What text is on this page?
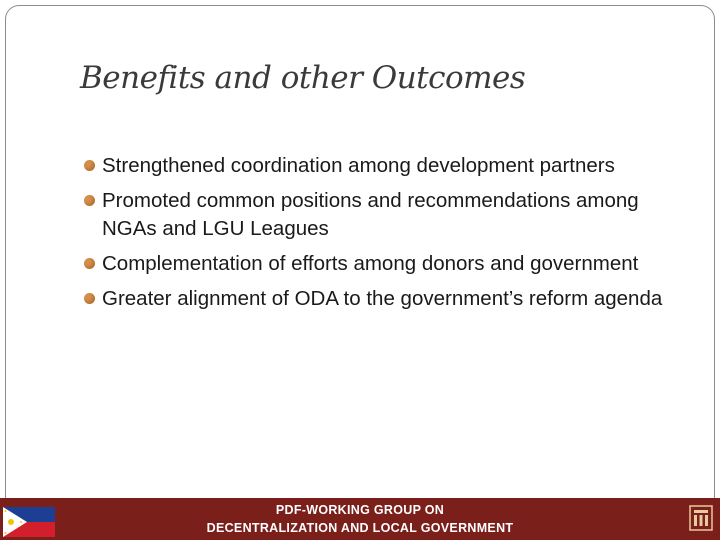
Benefits and other Outcomes
Strengthened coordination among development partners
Promoted common positions and recommendations among NGAs and LGU Leagues
Complementation of efforts among donors and government
Greater alignment of ODA to the government’s reform agenda
PDF-WORKING GROUP ON
DECENTRALIZATION AND LOCAL GOVERNMENT
